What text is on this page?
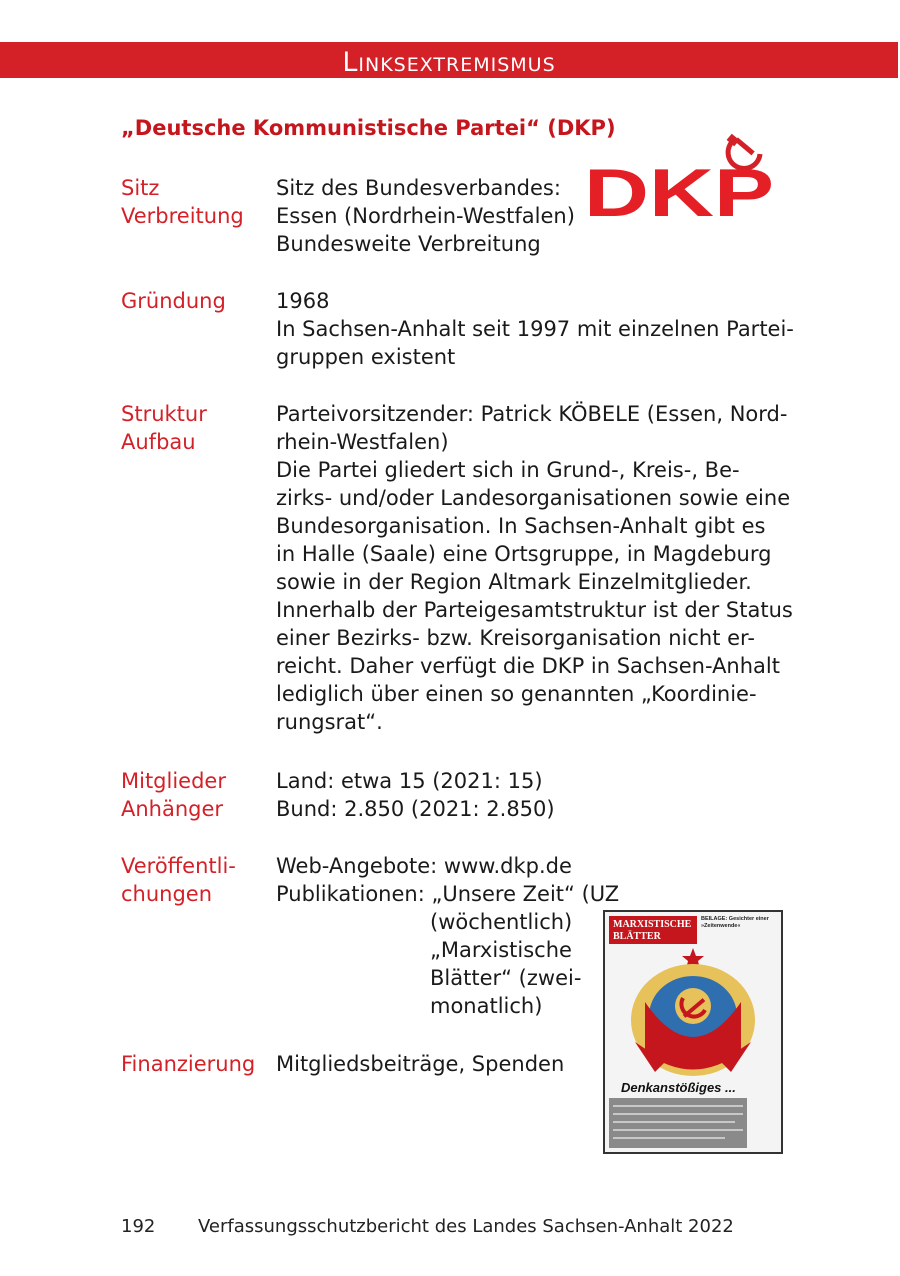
Linksextremismus
„Deutsche Kommunistische Partei“ (DKP)
DKP
Sitz
Verbreitung
Sitz des Bundesverbandes:
Essen (Nordrhein-Westfalen)
Bundesweite Verbreitung
Gründung 1968
In Sachsen-Anhalt seit 1997 mit einzelnen Partei-
gruppen existent
Struktur
Aufbau
Parteivorsitzender: Patrick KÖBELE (Essen, Nord-
rhein-Westfalen)
Die Partei gliedert sich in Grund-, Kreis-, Be-
zirks- und/oder Landesorganisationen sowie eine
Bundesorganisation. In Sachsen-Anhalt gibt es
in Halle (Saale) eine Ortsgruppe, in Magdeburg
sowie in der Region Altmark Einzelmitglieder.
Innerhalb der Parteigesamtstruktur ist der Status
einer Bezirks- bzw. Kreisorganisation nicht er-
reicht. Daher verfügt die DKP in Sachsen-Anhalt
lediglich über einen so genannten „Koordinie-
rungsrat“.
Mitglieder
Anhänger
Land: etwa 15 (2021: 15)
Bund: 2.850 (2021: 2.850)
Veröffentli-
chungen
Web-Angebote: www.dkp.de
Publikationen: „Unsere Zeit“ (UZ
(wöchentlich)
„Marxistische
Blätter“ (zwei-
monatlich)
Finanzierung Mitgliedsbeiträge, Spenden
MARXISTISCHE
BLÄTTER
BEILAGE: Gesichter einer »Zeitenwende«
Denkanstößiges ...
192 Verfassungsschutzbericht des Landes Sachsen-Anhalt 2022
